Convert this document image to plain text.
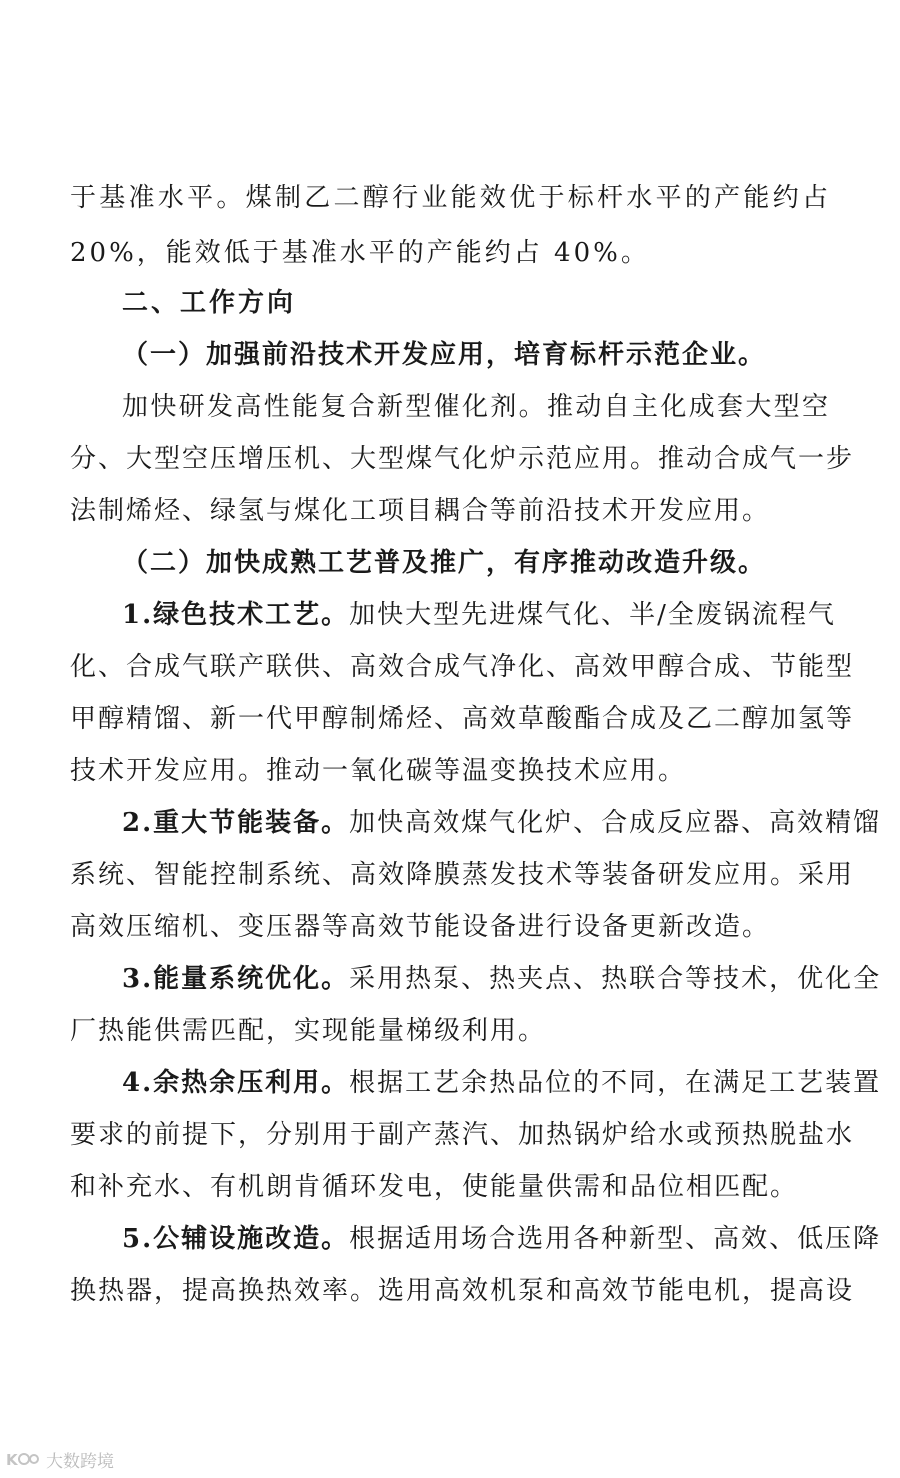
于基准水平。煤制乙二醇行业能效优于标杆水平的产能约占
20%，能效低于基准水平的产能约占 40%。
二、工作方向
（一）加强前沿技术开发应用，培育标杆示范企业。
加快研发高性能复合新型催化剂。推动自主化成套大型空
分、大型空压增压机、大型煤气化炉示范应用。推动合成气一步
法制烯烃、绿氢与煤化工项目耦合等前沿技术开发应用。
（二）加快成熟工艺普及推广，有序推动改造升级。
1.绿色技术工艺。加快大型先进煤气化、半/全废锅流程气
化、合成气联产联供、高效合成气净化、高效甲醇合成、节能型
甲醇精馏、新一代甲醇制烯烃、高效草酸酯合成及乙二醇加氢等
技术开发应用。推动一氧化碳等温变换技术应用。
2.重大节能装备。加快高效煤气化炉、合成反应器、高效精馏
系统、智能控制系统、高效降膜蒸发技术等装备研发应用。采用
高效压缩机、变压器等高效节能设备进行设备更新改造。
3.能量系统优化。采用热泵、热夹点、热联合等技术，优化全
厂热能供需匹配，实现能量梯级利用。
4.余热余压利用。根据工艺余热品位的不同，在满足工艺装置
要求的前提下，分别用于副产蒸汽、加热锅炉给水或预热脱盐水
和补充水、有机朗肯循环发电，使能量供需和品位相匹配。
5.公辅设施改造。根据适用场合选用各种新型、高效、低压降
换热器，提高换热效率。选用高效机泵和高效节能电机，提高设
K 大数跨境
